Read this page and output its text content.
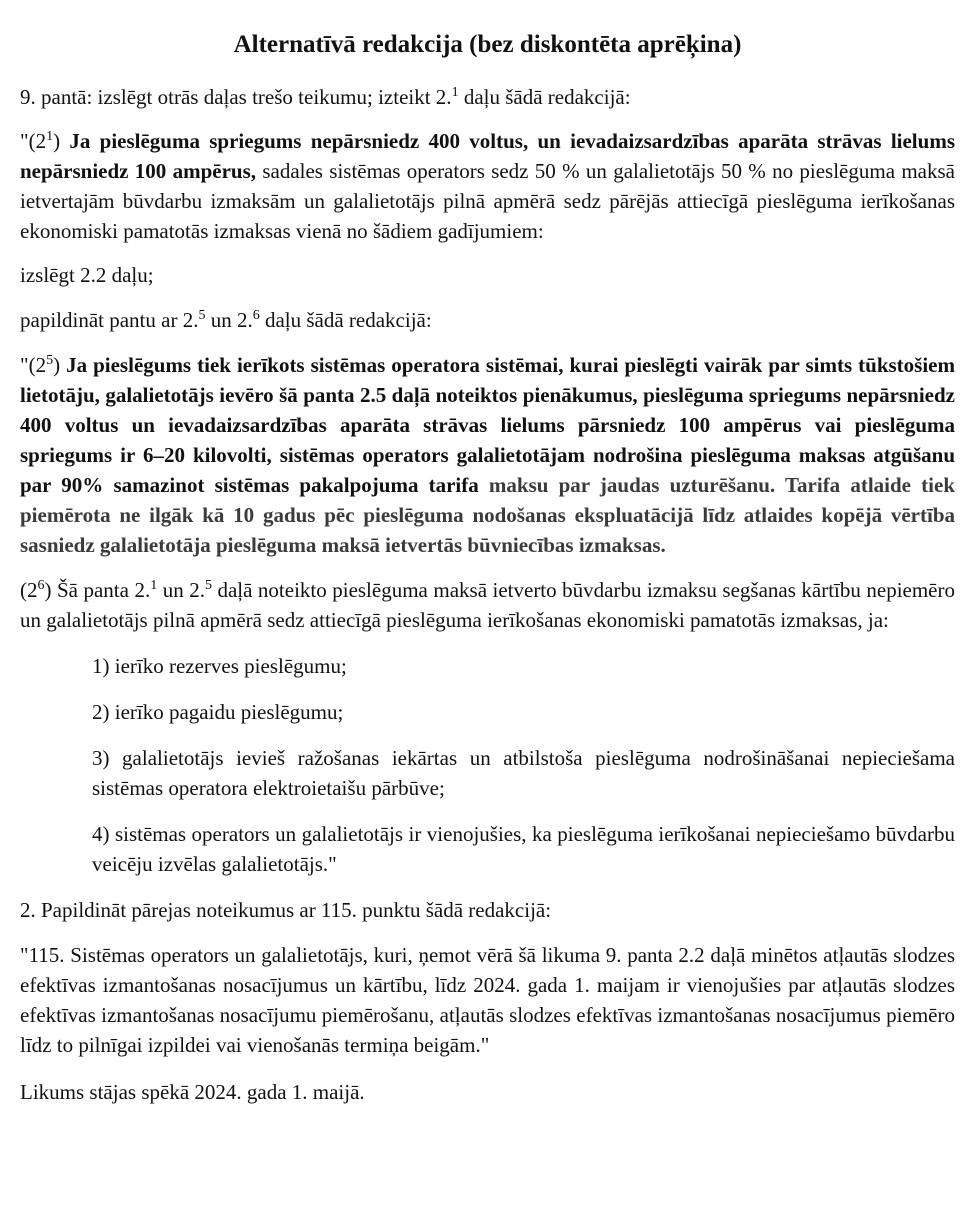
Alternatīvā redakcija (bez diskontēta aprēķina)

9. pantā: izslēgt otrās daļas trešo teikumu; izteikt 2.$^1$ daļu šādā redakcijā:

"$(2^1)$ Ja pieslēguma spriegums nepārsniedz 400 voltus, un ievadaizsardzības aparāta strāvas lielums nepārsniedz 100 ampērus, sadales sistēmas operators sedz 50 % un galalietotājs 50 % no pieslēguma maksā ietvertajām būvdarbu izmaksām un galalietotājs pilnā apmērā sedz pārējās attiecīgā pieslēguma ierīkošanas ekonomiski pamatotās izmaksas vienā no šādiem gadījumiem:

izslēgt 2.2 daļu;

papildināt pantu ar 2.$^5$ un 2.$^6$ daļu šādā redakcijā:

"$(2^5)$ Ja pieslēgums tiek ierīkots sistēmas operatora sistēmai, kurai pieslēgti vairāk par simts tūkstošiem lietotāju, galalietotājs ievēro šā panta 2.5 daļā noteiktos pienākumus, pieslēguma spriegums nepārsniedz 400 voltus un ievadaizsardzības aparāta strāvas lielums pārsniedz 100 ampērus vai pieslēguma spriegums ir 6–20 kilovolti, sistēmas operators galalietotājam nodrošina pieslēguma maksas atgūšanu par 90% samazinot sistēmas pakalpojuma tarifa maksu par jaudas uzturēšanu. Tarifa atlaide tiek piemērota ne ilgāk kā 10 gadus pēc pieslēguma nodošanas ekspluatācijā līdz atlaides kopējā vērtība sasniedz galalietotāja pieslēguma maksā ietvertās būvniecības izmaksas.

$(2^6)$ Šā panta 2.$^1$ un 2.$^5$ daļā noteikto pieslēguma maksā ietverto būvdarbu izmaksu segšanas kārtību nepiemēro un galalietotājs pilnā apmērā sedz attiecīgā pieslēguma ierīkošanas ekonomiski pamatotās izmaksas, ja:

1) ierīko rezerves pieslēgumu;

2) ierīko pagaidu pieslēgumu;

3) galalietotājs ievieš ražošanas iekārtas un atbilstoša pieslēguma nodrošināšanai nepieciešama sistēmas operatora elektroietaišu pārbūve;

4) sistēmas operators un galalietotājs ir vienojušies, ka pieslēguma ierīkošanai nepieciešamo būvdarbu veicēju izvēlas galalietotājs."

2. Papildināt pārejas noteikumus ar 115. punktu šādā redakcijā:

"115. Sistēmas operators un galalietotājs, kuri, ņemot vērā šā likuma 9. panta 2.2 daļā minētos atļautās slodzes efektīvas izmantošanas nosacījumus un kārtību, līdz 2024. gada 1. maijam ir vienojušies par atļautās slodzes efektīvas izmantošanas nosacījumu piemērošanu, atļautās slodzes efektīvas izmantošanas nosacījumus piemēro līdz to pilnīgai izpildei vai vienošanās termiņa beigām."

Likums stājas spēkā 2024. gada 1. maijā.
